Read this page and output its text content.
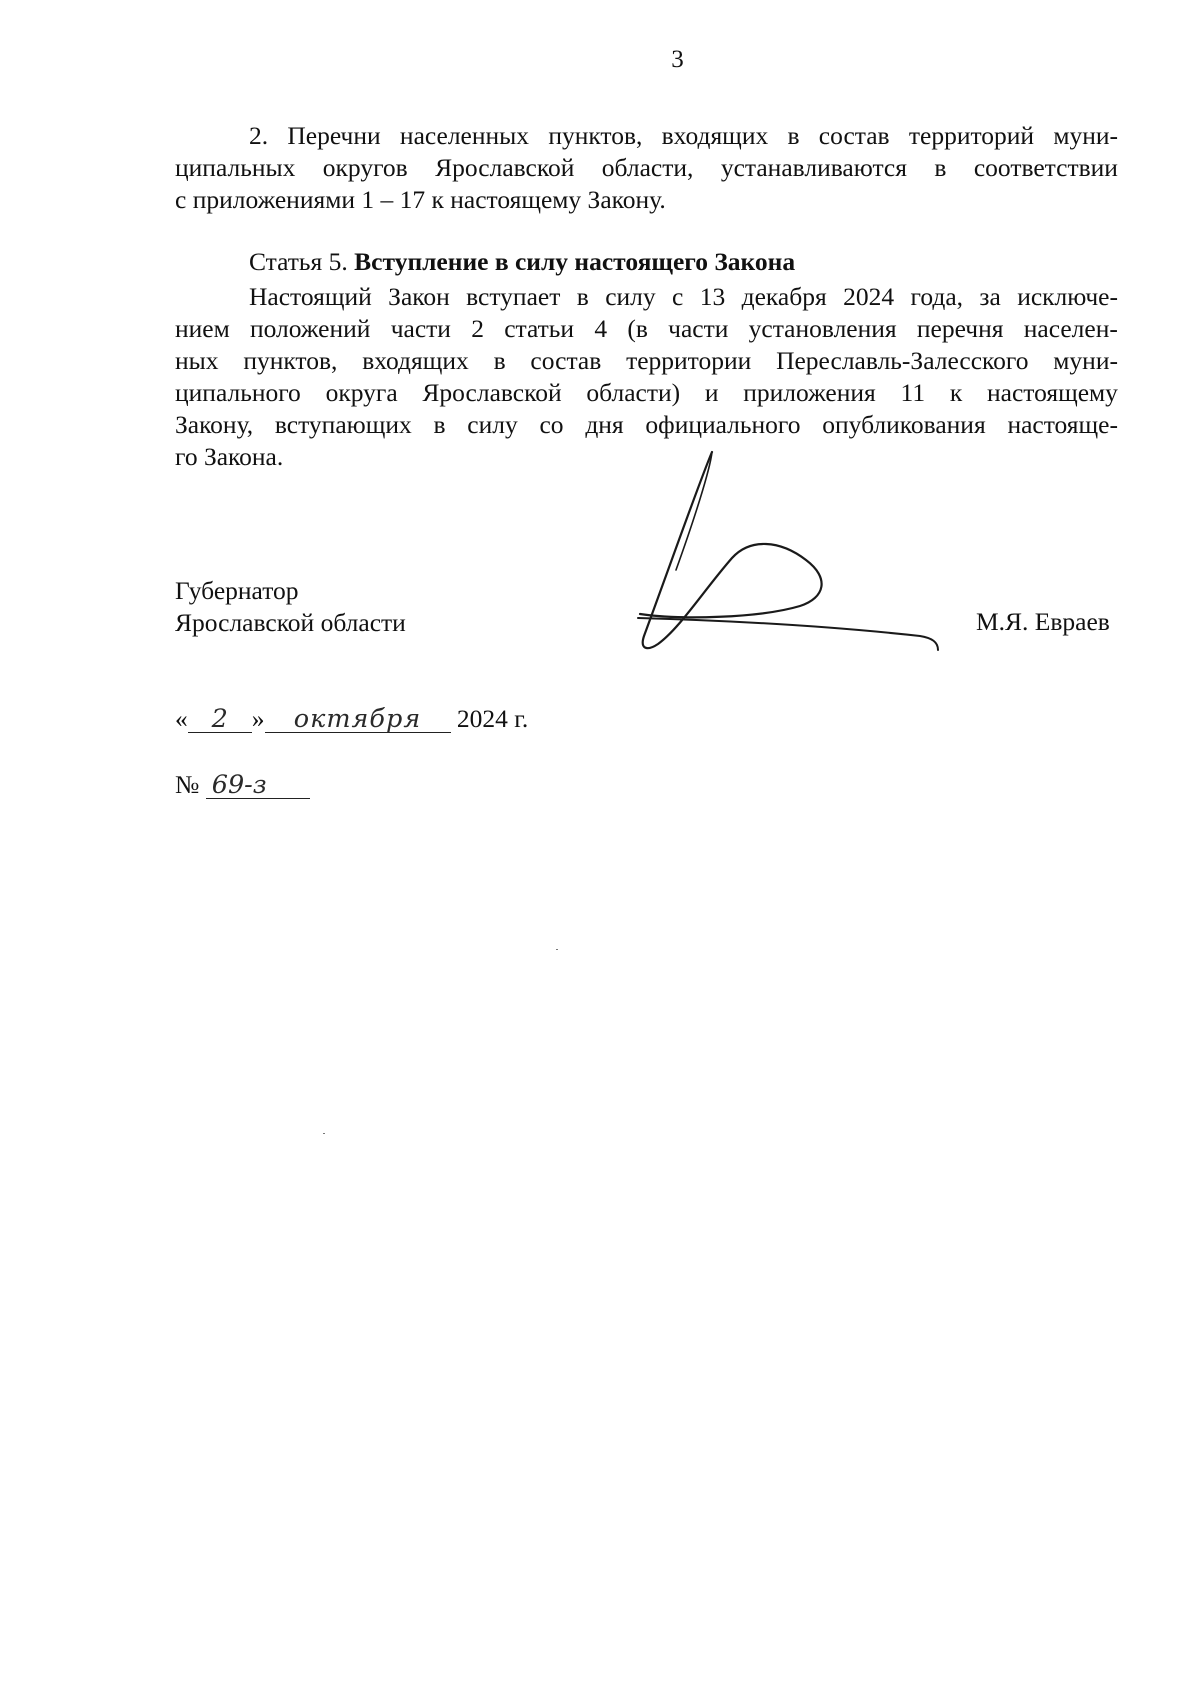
3
2. Перечни населенных пунктов, входящих в состав территорий муни-
ципальных округов Ярославской области, устанавливаются в соответствии
с приложениями 1 – 17 к настоящему Закону.
Статья 5. Вступление в силу настоящего Закона
Настоящий Закон вступает в силу с 13 декабря 2024 года, за исключе-
нием положений части 2 статьи 4 (в части установления перечня населен-
ных пунктов, входящих в состав территории Переславль-Залесского муни-
ципального округа Ярославской области) и приложения 11 к настоящему
Закону, вступающих в силу со дня официального опубликования настояще-
го Закона.
Губернатор
Ярославской области	М.Я. Евраев
« 2 » октября 2024 г.
№ 69-з
